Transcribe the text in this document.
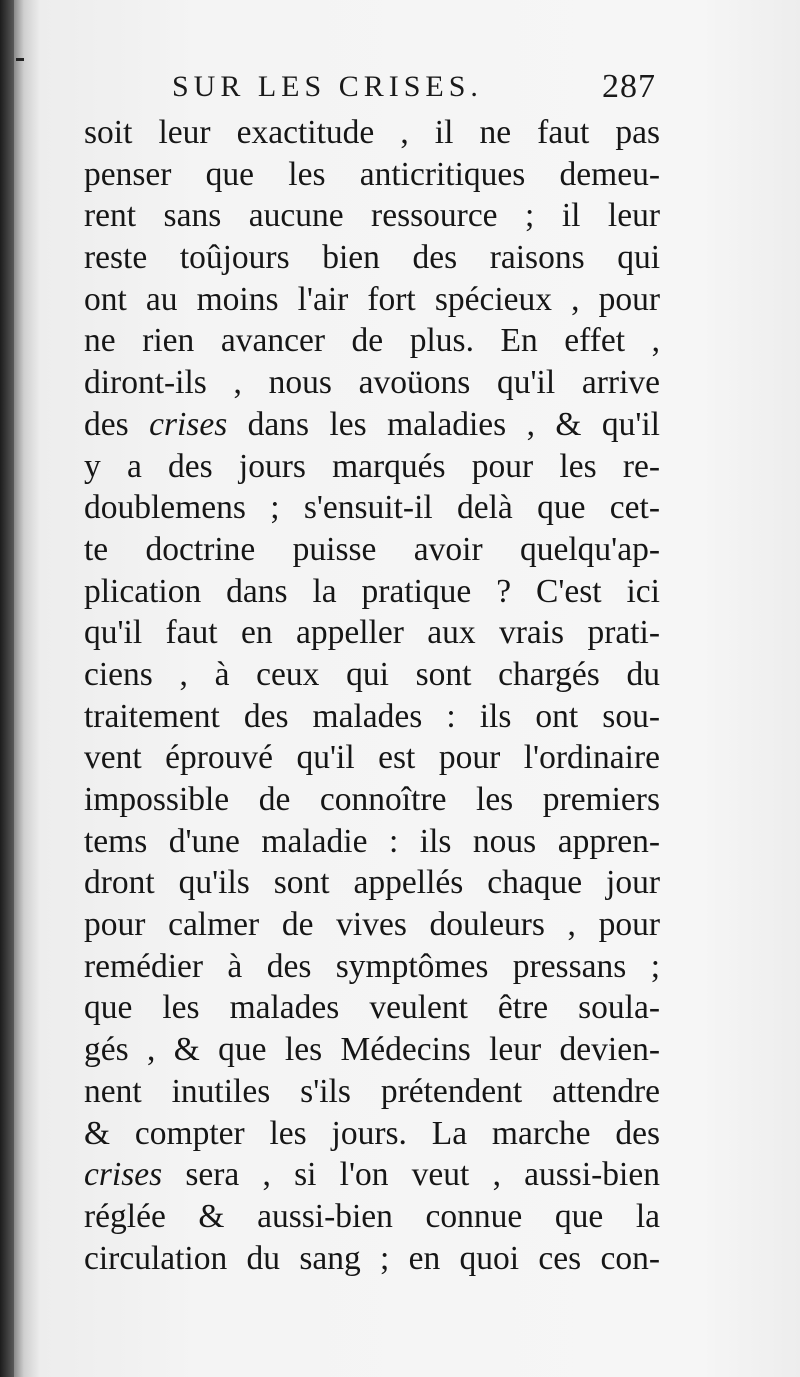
SUR LES CRISES.	287
soit leur exactitude , il ne faut pas
penser que les anticritiques demeu-
rent sans aucune ressource ; il leur
reste toûjours bien des raisons qui
ont au moins l'air fort spécieux , pour
ne rien avancer de plus. En effet ,
diront-ils , nous avoüons qu'il arrive
des crises dans les maladies , & qu'il
y a des jours marqués pour les re-
doublemens ; s'ensuit-il delà que cet-
te doctrine puisse avoir quelqu'ap-
plication dans la pratique ? C'est ici
qu'il faut en appeller aux vrais prati-
ciens , à ceux qui sont chargés du
traitement des malades : ils ont sou-
vent éprouvé qu'il est pour l'ordinaire
impossible de connoître les premiers
tems d'une maladie : ils nous appren-
dront qu'ils sont appellés chaque jour
pour calmer de vives douleurs , pour
remédier à des symptômes pressans ;
que les malades veulent être soula-
gés , & que les Médecins leur devien-
nent inutiles s'ils prétendent attendre
& compter les jours. La marche des
crises sera , si l'on veut , aussi-bien
réglée & aussi-bien connue que la
circulation du sang ; en quoi ces con-
